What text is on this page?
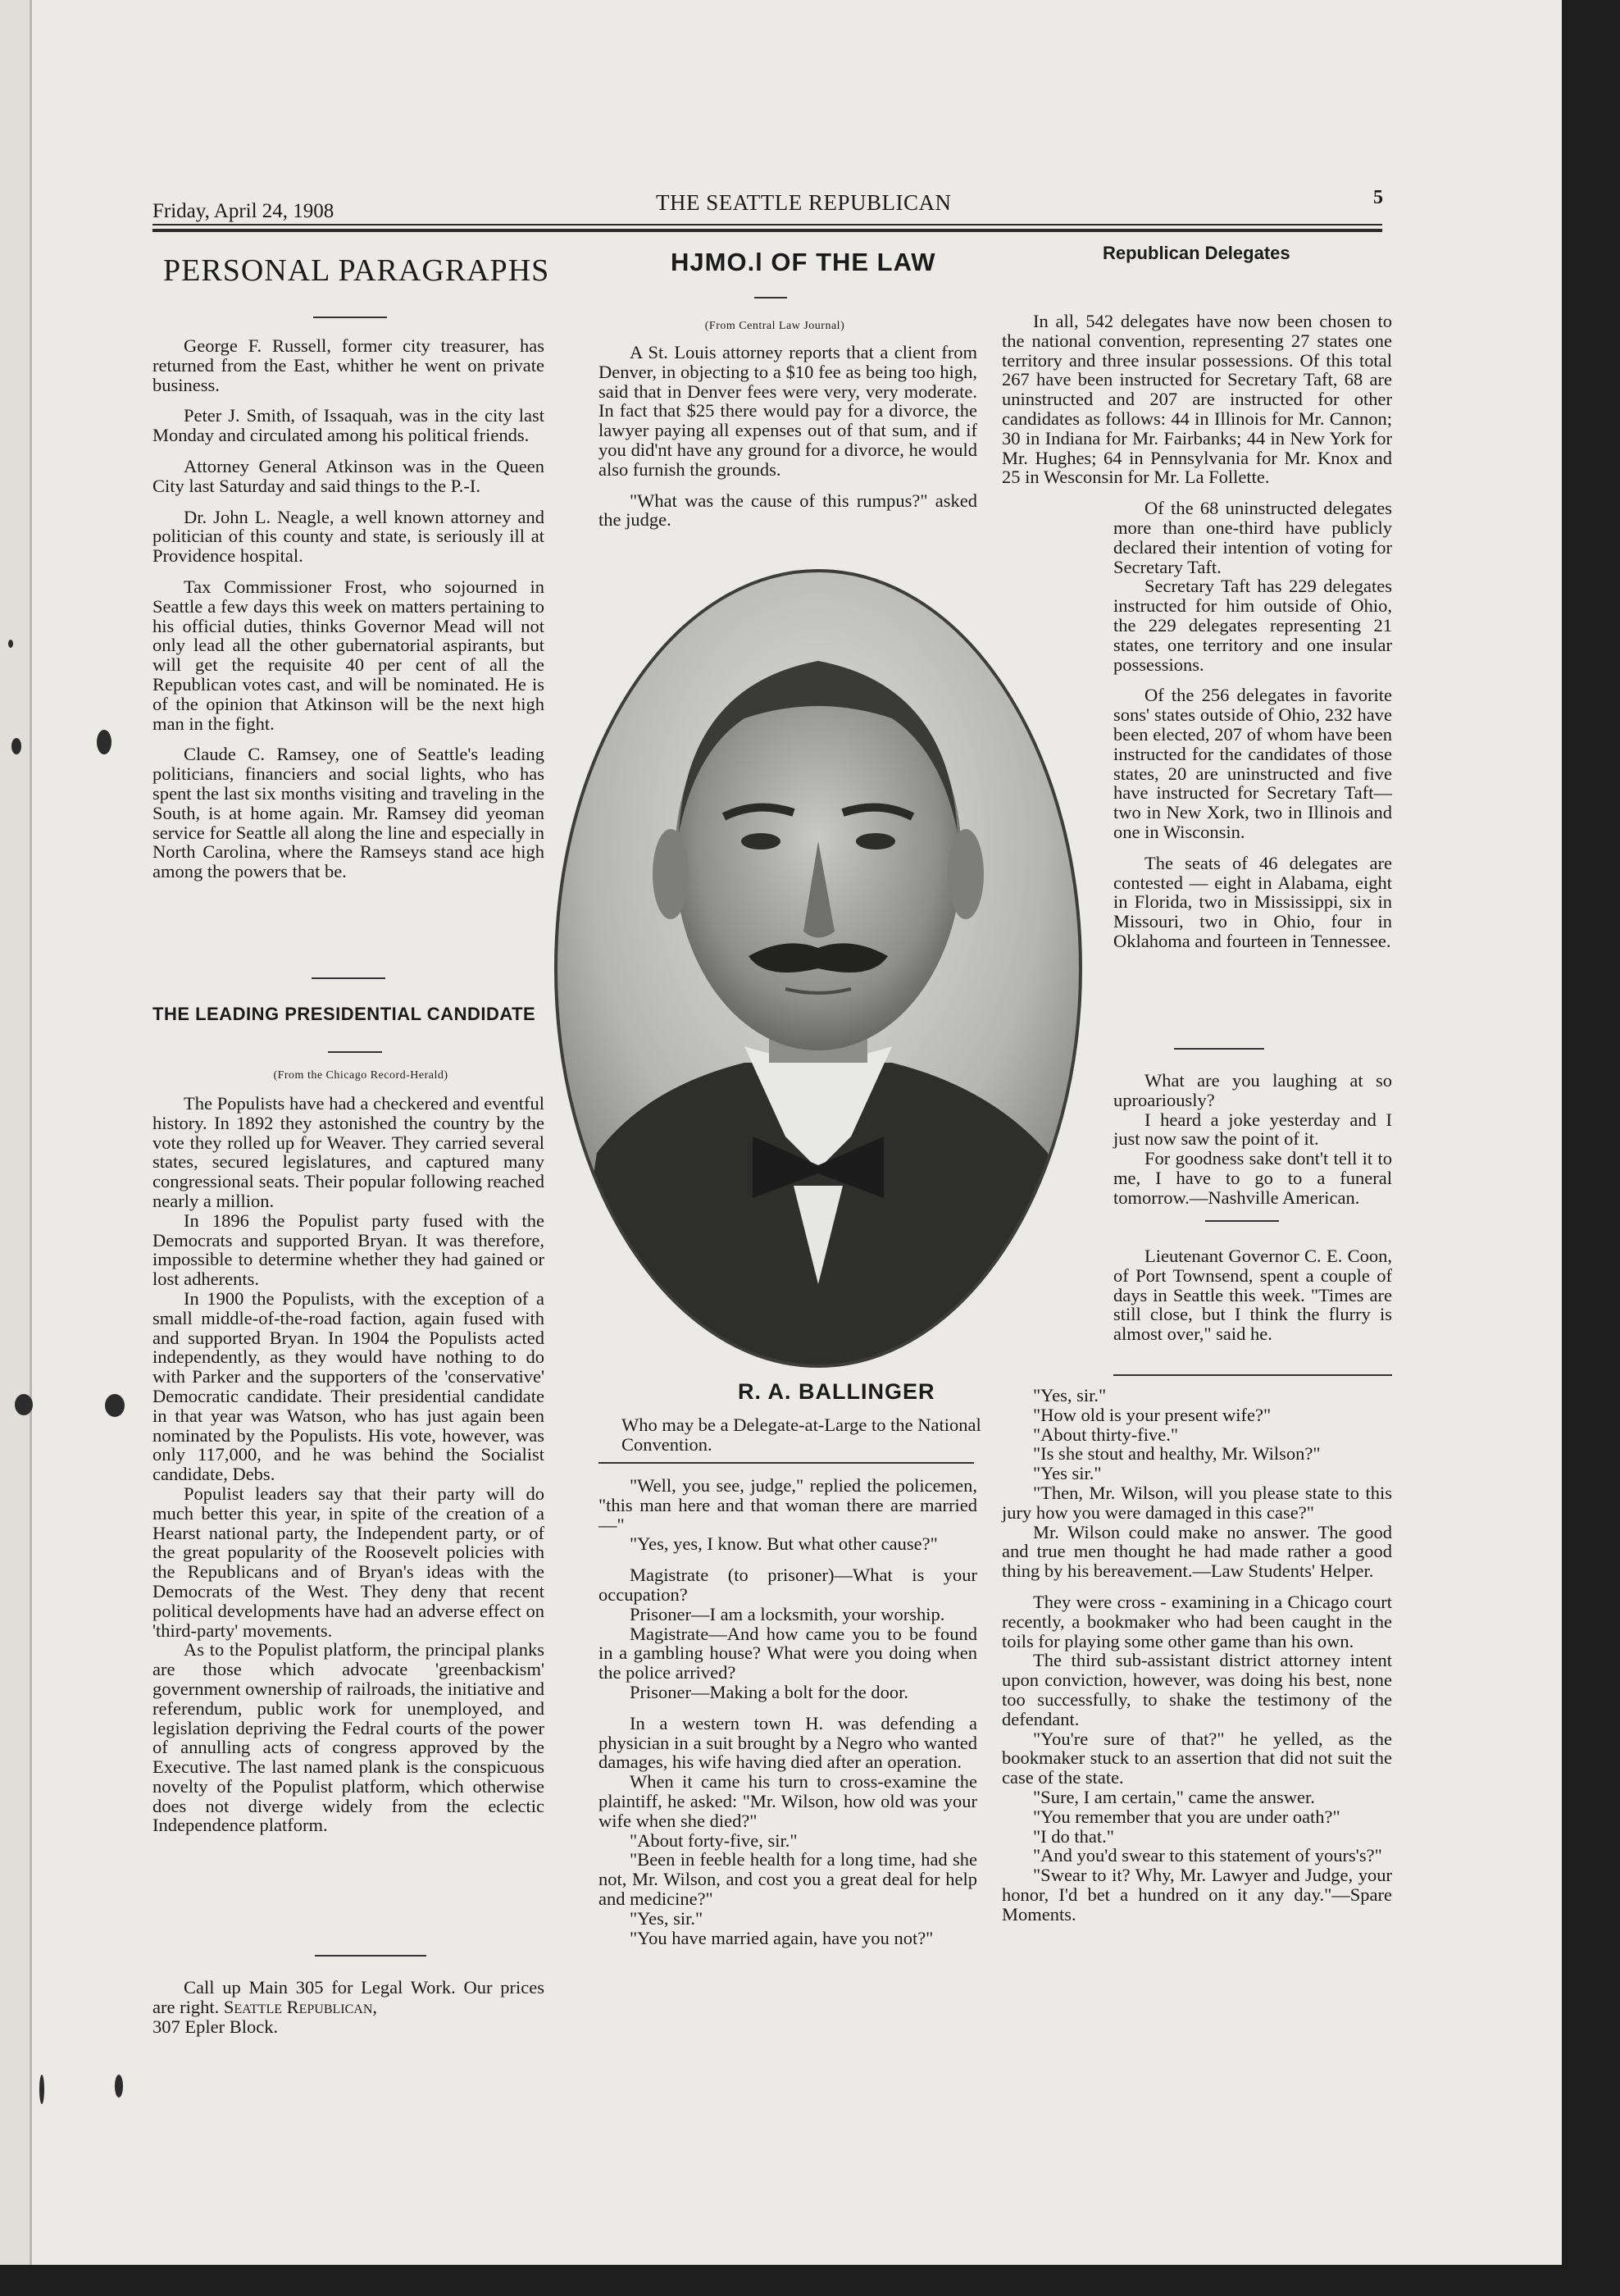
Friday, April 24, 1908	THE SEATTLE REPUBLICAN	5
PERSONAL PARAGRAPHS

George F. Russell, former city treasurer, has returned from the East, whither he went on private business.

Peter J. Smith, of Issaquah, was in the city last Monday and circulated among his political friends.

Attorney General Atkinson was in the Queen City last Saturday and said things to the P.-I.

Dr. John L. Neagle, a well known attorney and politician of this county and state, is seriously ill at Providence hospital.

Tax Commissioner Frost, who sojourned in Seattle a few days this week on matters pertaining to his official duties, thinks Governor Mead will not only lead all the other gubernatorial aspirants, but will get the requisite 40 per cent of all the Republican votes cast, and will be nominated. He is of the opinion that Atkinson will be the next high man in the fight.

Claude C. Ramsey, one of Seattle's leading politicians, financiers and social lights, who has spent the last six months visiting and traveling in the South, is at home again. Mr. Ramsey did yeoman service for Seattle all along the line and especially in North Carolina, where the Ramseys stand ace high among the powers that be.

THE LEADING PRESIDENTIAL CANDIDATE
(From the Chicago Record-Herald)

The Populists have had a checkered and eventful history. In 1892 they astonished the country by the vote they rolled up for Weaver. They carried several states, secured legislatures, and captured many congressional seats. Their popular following reached nearly a million.

In 1896 the Populist party fused with the Democrats and supported Bryan. It was therefore, impossible to determine whether they had gained or lost adherents.

In 1900 the Populists, with the exception of a small middle-of-the-road faction, again fused with and supported Bryan. In 1904 the Populists acted independently, as they would have nothing to do with Parker and the supporters of the 'conservative' Democratic candidate. Their presidential candidate in that year was Watson, who has just again been nominated by the Populists. His vote, however, was only 117,000, and he was behind the Socialist candidate, Debs.

Populist leaders say that their party will do much better this year, in spite of the creation of a Hearst national party, the Independent party, or of the great popularity of the Roosevelt policies with the Republicans and of Bryan's ideas with the Democrats of the West. They deny that recent political developments have had an adverse effect on 'third-party' movements.

As to the Populist platform, the principal planks are those which advocate 'greenbackism' government ownership of railroads, the initiative and referendum, public work for unemployed, and legislation depriving the Fedral courts of the power of annulling acts of congress approved by the Executive. The last named plank is the conspicuous novelty of the Populist platform, which otherwise does not diverge widely from the eclectic Independence platform.

Call up Main 305 for Legal Work. Our prices are right. Seattle Republican,

307 Epler Block.

HJMO.l OF THE LAW
(From Central Law Journal)

A St. Louis attorney reports that a client from Denver, in objecting to a $10 fee as being too high, said that in Denver fees were very, very moderate. In fact that $25 there would pay for a divorce, the lawyer paying all expenses out of that sum, and if you did'nt have any ground for a divorce, he would also furnish the grounds.

"What was the cause of this rumpus?" asked the judge.

R. A. BALLINGER
Who may be a Delegate-at-Large to the National Convention.

"Well, you see, judge," replied the policemen, "this man here and that woman there are married—"

"Yes, yes, I know. But what other cause?"

Magistrate (to prisoner)—What is your occupation?

Prisoner—I am a locksmith, your worship.

Magistrate—And how came you to be found in a gambling house? What were you doing when the police arrived?

Prisoner—Making a bolt for the door.

In a western town H. was defending a physician in a suit brought by a Negro who wanted damages, his wife having died after an operation.

When it came his turn to cross-examine the plaintiff, he asked: "Mr. Wilson, how old was your wife when she died?"

"About forty-five, sir."

"Been in feeble health for a long time, had she not, Mr. Wilson, and cost you a great deal for help and medicine?"

"Yes, sir."

"You have married again, have you not?"

Republican Delegates

In all, 542 delegates have now been chosen to the national convention, representing 27 states one territory and three insular possessions. Of this total 267 have been instructed for Secretary Taft, 68 are uninstructed and 207 are instructed for other candidates as follows: 44 in Illinois for Mr. Cannon; 30 in Indiana for Mr. Fairbanks; 44 in New York for Mr. Hughes; 64 in Pennsylvania for Mr. Knox and 25 in Wesconsin for Mr. La Follette.

Of the 68 uninstructed delegates more than one-third have publicly declared their intention of voting for Secretary Taft.

Secretary Taft has 229 delegates instructed for him outside of Ohio, the 229 delegates representing 21 states, one territory and one insular possessions.

Of the 256 delegates in favorite sons' states outside of Ohio, 232 have been elected, 207 of whom have been instructed for the candidates of those states, 20 are uninstructed and five have instructed for Secretary Taft—two in New Xork, two in Illinois and one in Wisconsin.

The seats of 46 delegates are contested — eight in Alabama, eight in Florida, two in Mississippi, six in Missouri, two in Ohio, four in Oklahoma and fourteen in Tennessee.

What are you laughing at so uproariously?

I heard a joke yesterday and I just now saw the point of it.

For goodness sake dont't tell it to me, I have to go to a funeral tomorrow.—Nashville American.

Lieutenant Governor C. E. Coon, of Port Townsend, spent a couple of days in Seattle this week. "Times are still close, but I think the flurry is almost over," said he.

"Yes, sir."

"How old is your present wife?"

"About thirty-five."

"Is she stout and healthy, Mr. Wilson?"

"Yes sir."

"Then, Mr. Wilson, will you please state to this jury how you were damaged in this case?"

Mr. Wilson could make no answer. The good and true men thought he had made rather a good thing by his bereavement.—Law Students' Helper.

They were cross - examining in a Chicago court recently, a bookmaker who had been caught in the toils for playing some other game than his own.

The third sub-assistant district attorney intent upon conviction, however, was doing his best, none too successfully, to shake the testimony of the defendant.

"You're sure of that?" he yelled, as the bookmaker stuck to an assertion that did not suit the case of the state.

"Sure, I am certain," came the answer.

"You remember that you are under oath?"

"I do that."

"And you'd swear to this statement of yours's?"

"Swear to it? Why, Mr. Lawyer and Judge, your honor, I'd bet a hundred on it any day."—Spare Moments.
